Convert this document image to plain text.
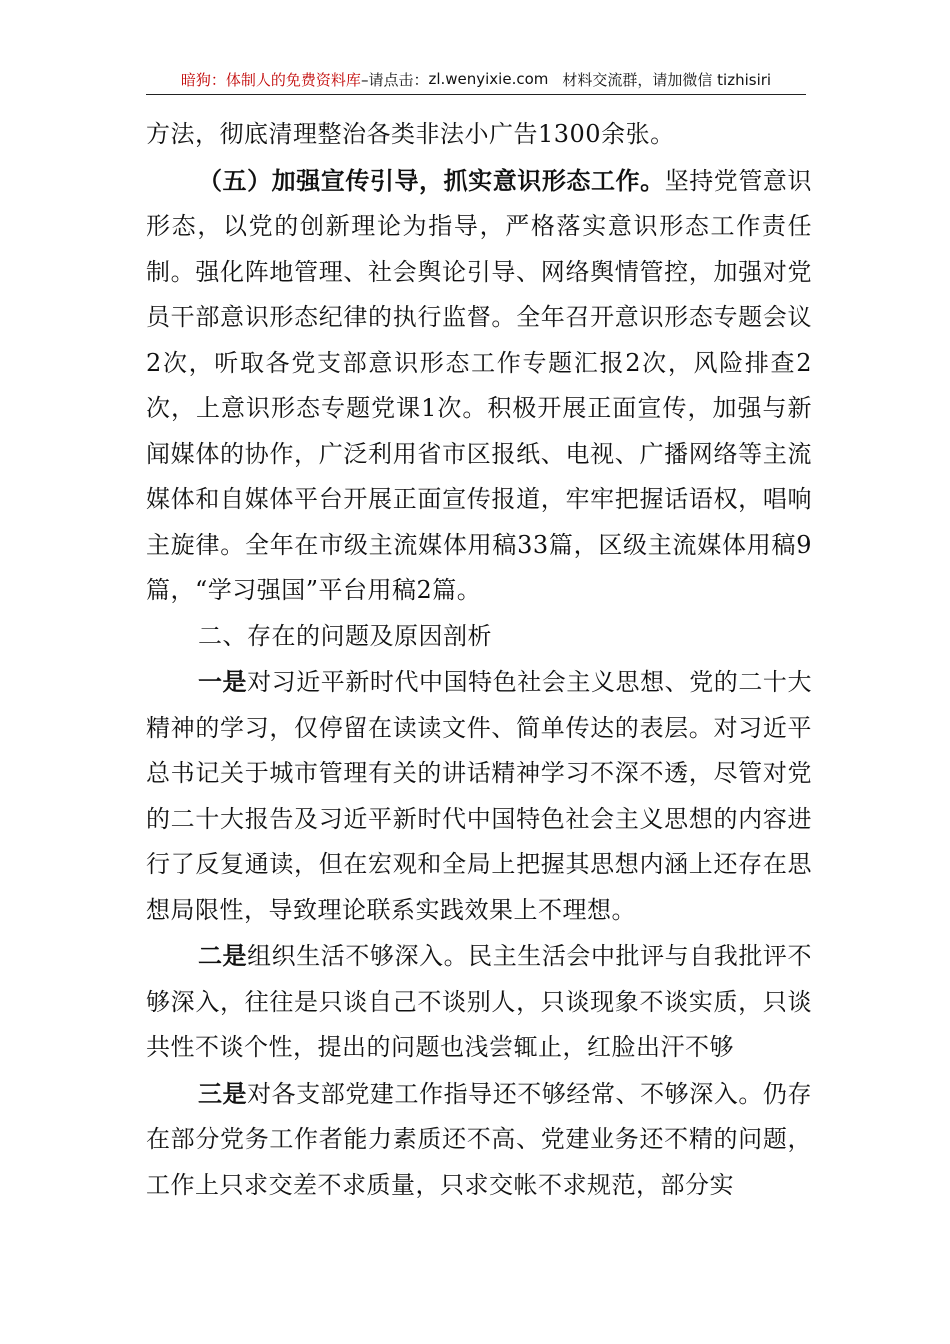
暗狗：体制人的免费资料库 –请点击： zl.wenyixie.com 材料交流群，请加微信 tizhisiri

方法，彻底清理整治各类非法小广告1300余张。

（五）加强宣传引导，抓实意识形态工作。坚持党管意识形态，以党的创新理论为指导，严格落实意识形态工作责任制。强化阵地管理、社会舆论引导、网络舆情管控，加强对党员干部意识形态纪律的执行监督。全年召开意识形态专题会议2次，听取各党支部意识形态工作专题汇报2次，风险排查2次，上意识形态专题党课1次。积极开展正面宣传，加强与新闻媒体的协作，广泛利用省市区报纸、电视、广播网络等主流媒体和自媒体平台开展正面宣传报道，牢牢把握话语权，唱响主旋律。全年在市级主流媒体用稿33篇，区级主流媒体用稿9篇，“学习强国”平台用稿2篇。

二、存在的问题及原因剖析

一是对习近平新时代中国特色社会主义思想、党的二十大精神的学习，仅停留在读读文件、简单传达的表层。对习近平总书记关于城市管理有关的讲话精神学习不深不透，尽管对党的二十大报告及习近平新时代中国特色社会主义思想的内容进行了反复通读，但在宏观和全局上把握其思想内涵上还存在思想局限性，导致理论联系实践效果上不理想。

二是组织生活不够深入。民主生活会中批评与自我批评不够深入，往往是只谈自己不谈别人，只谈现象不谈实质，只谈共性不谈个性，提出的问题也浅尝辄止，红脸出汗不够

三是对各支部党建工作指导还不够经常、不够深入。仍存在部分党务工作者能力素质还不高、党建业务还不精的问题，工作上只求交差不求质量，只求交帐不求规范，部分实
